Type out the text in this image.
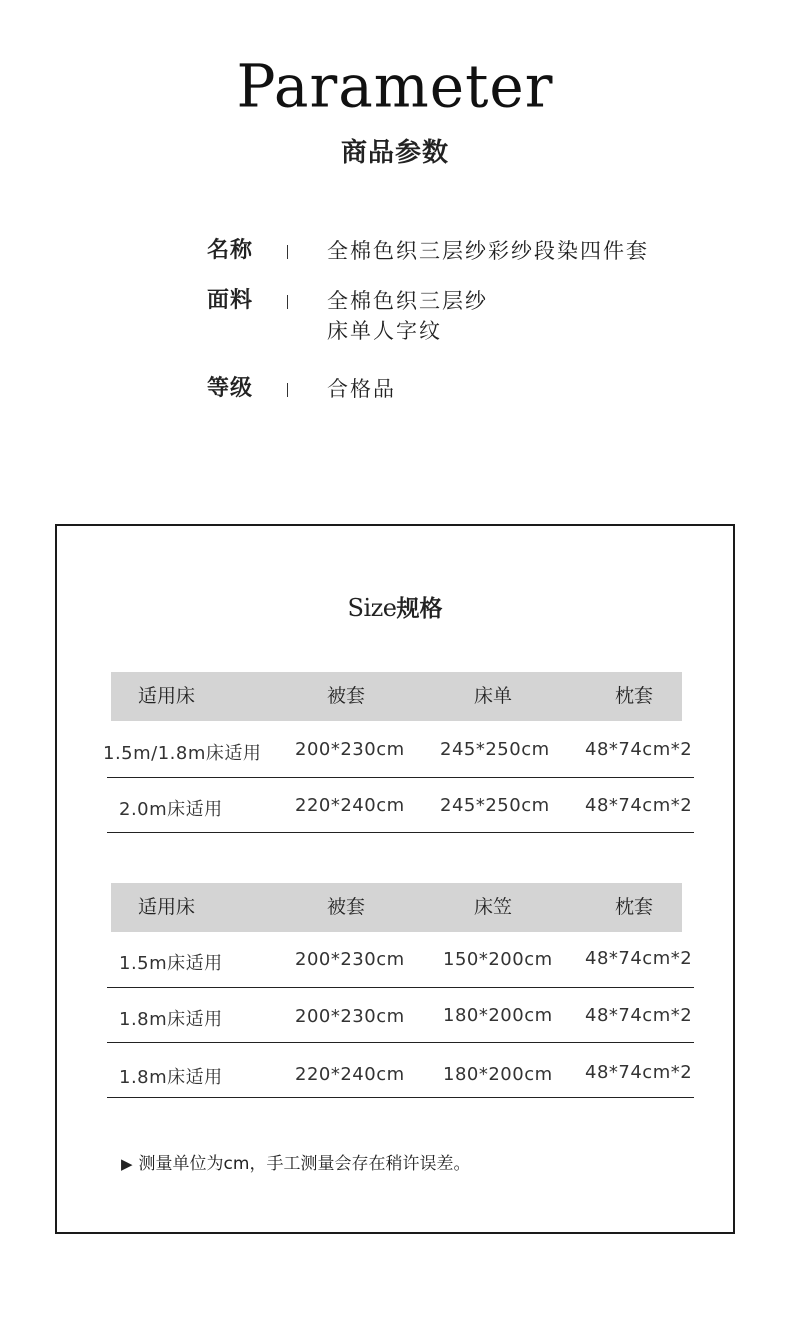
Parameter
商品参数
名称	全棉色织三层纱彩纱段染四件套
面料	全棉色织三层纱
床单人字纹
等级	合格品
Size规格
适用床	被套	床单	枕套
1.5m/1.8m床适用 200*230cm 245*250cm 48*74cm*2
2.0m床适用	220*240cm 245*250cm 48*74cm*2
适用床	被套	床笠	枕套
1.5m床适用	200*230cm 150*200cm 48*74cm*2
1.8m床适用	200*230cm 180*200cm 48*74cm*2
1.8m床适用	220*240cm 180*200cm 48*74cm*2
▶ 测量单位为cm，手工测量会存在稍许误差。
